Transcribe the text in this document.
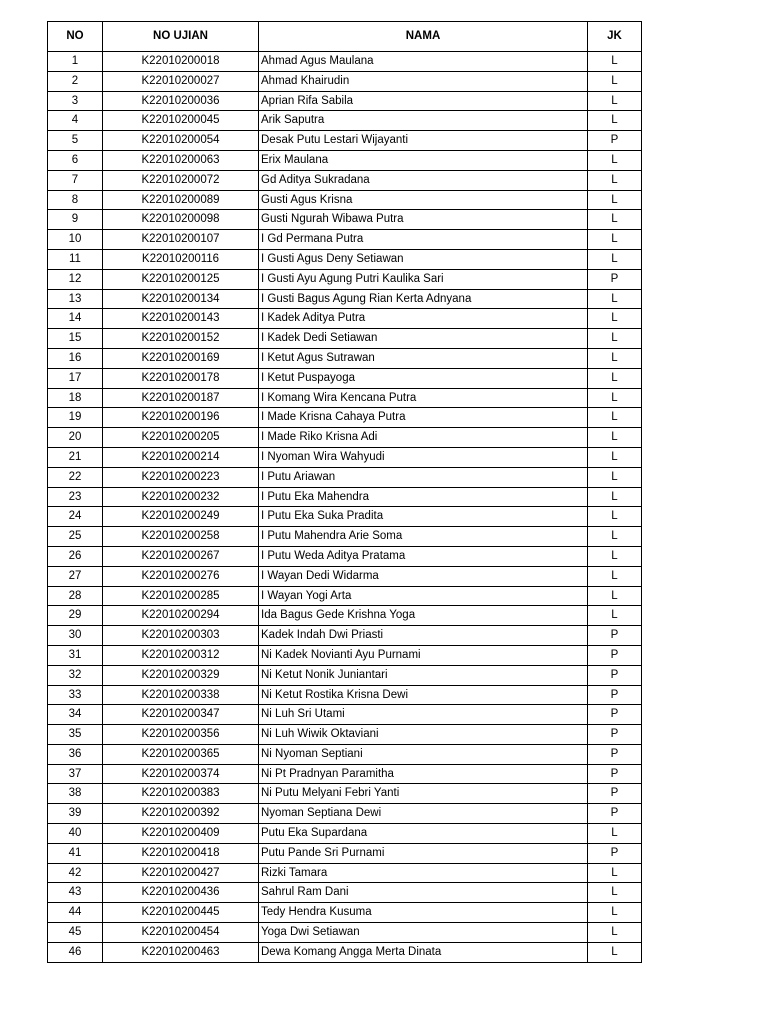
NO	NO UJIAN	NAMA	JK
1	K22010200018	Ahmad Agus Maulana	L
2	K22010200027	Ahmad Khairudin	L
3	K22010200036	Aprian Rifa Sabila	L
4	K22010200045	Arik Saputra	L
5	K22010200054	Desak Putu Lestari Wijayanti	P
6	K22010200063	Erix Maulana	L
7	K22010200072	Gd Aditya Sukradana	L
8	K22010200089	Gusti Agus Krisna	L
9	K22010200098	Gusti Ngurah Wibawa Putra	L
10	K22010200107	I Gd Permana Putra	L
11	K22010200116	I Gusti Agus Deny Setiawan	L
12	K22010200125	I Gusti Ayu Agung Putri Kaulika Sari	P
13	K22010200134	I Gusti Bagus Agung Rian Kerta Adnyana	L
14	K22010200143	I Kadek Aditya Putra	L
15	K22010200152	I Kadek Dedi Setiawan	L
16	K22010200169	I Ketut Agus Sutrawan	L
17	K22010200178	I Ketut Puspayoga	L
18	K22010200187	I Komang Wira Kencana Putra	L
19	K22010200196	I Made Krisna Cahaya Putra	L
20	K22010200205	I Made Riko Krisna Adi	L
21	K22010200214	I Nyoman Wira Wahyudi	L
22	K22010200223	I Putu Ariawan	L
23	K22010200232	I Putu Eka Mahendra	L
24	K22010200249	I Putu Eka Suka Pradita	L
25	K22010200258	I Putu Mahendra Arie Soma	L
26	K22010200267	I Putu Weda Aditya Pratama	L
27	K22010200276	I Wayan Dedi Widarma	L
28	K22010200285	I Wayan Yogi Arta	L
29	K22010200294	Ida Bagus Gede Krishna Yoga	L
30	K22010200303	Kadek Indah Dwi Priasti	P
31	K22010200312	Ni Kadek Novianti Ayu Purnami	P
32	K22010200329	Ni Ketut Nonik Juniantari	P
33	K22010200338	Ni Ketut Rostika Krisna Dewi	P
34	K22010200347	Ni Luh Sri Utami	P
35	K22010200356	Ni Luh Wiwik Oktaviani	P
36	K22010200365	Ni Nyoman Septiani	P
37	K22010200374	Ni Pt Pradnyan Paramitha	P
38	K22010200383	Ni Putu Melyani Febri Yanti	P
39	K22010200392	Nyoman Septiana Dewi	P
40	K22010200409	Putu Eka Supardana	L
41	K22010200418	Putu Pande Sri Purnami	P
42	K22010200427	Rizki Tamara	L
43	K22010200436	Sahrul Ram Dani	L
44	K22010200445	Tedy Hendra Kusuma	L
45	K22010200454	Yoga Dwi Setiawan	L
46	K22010200463	Dewa Komang Angga Merta Dinata	L
